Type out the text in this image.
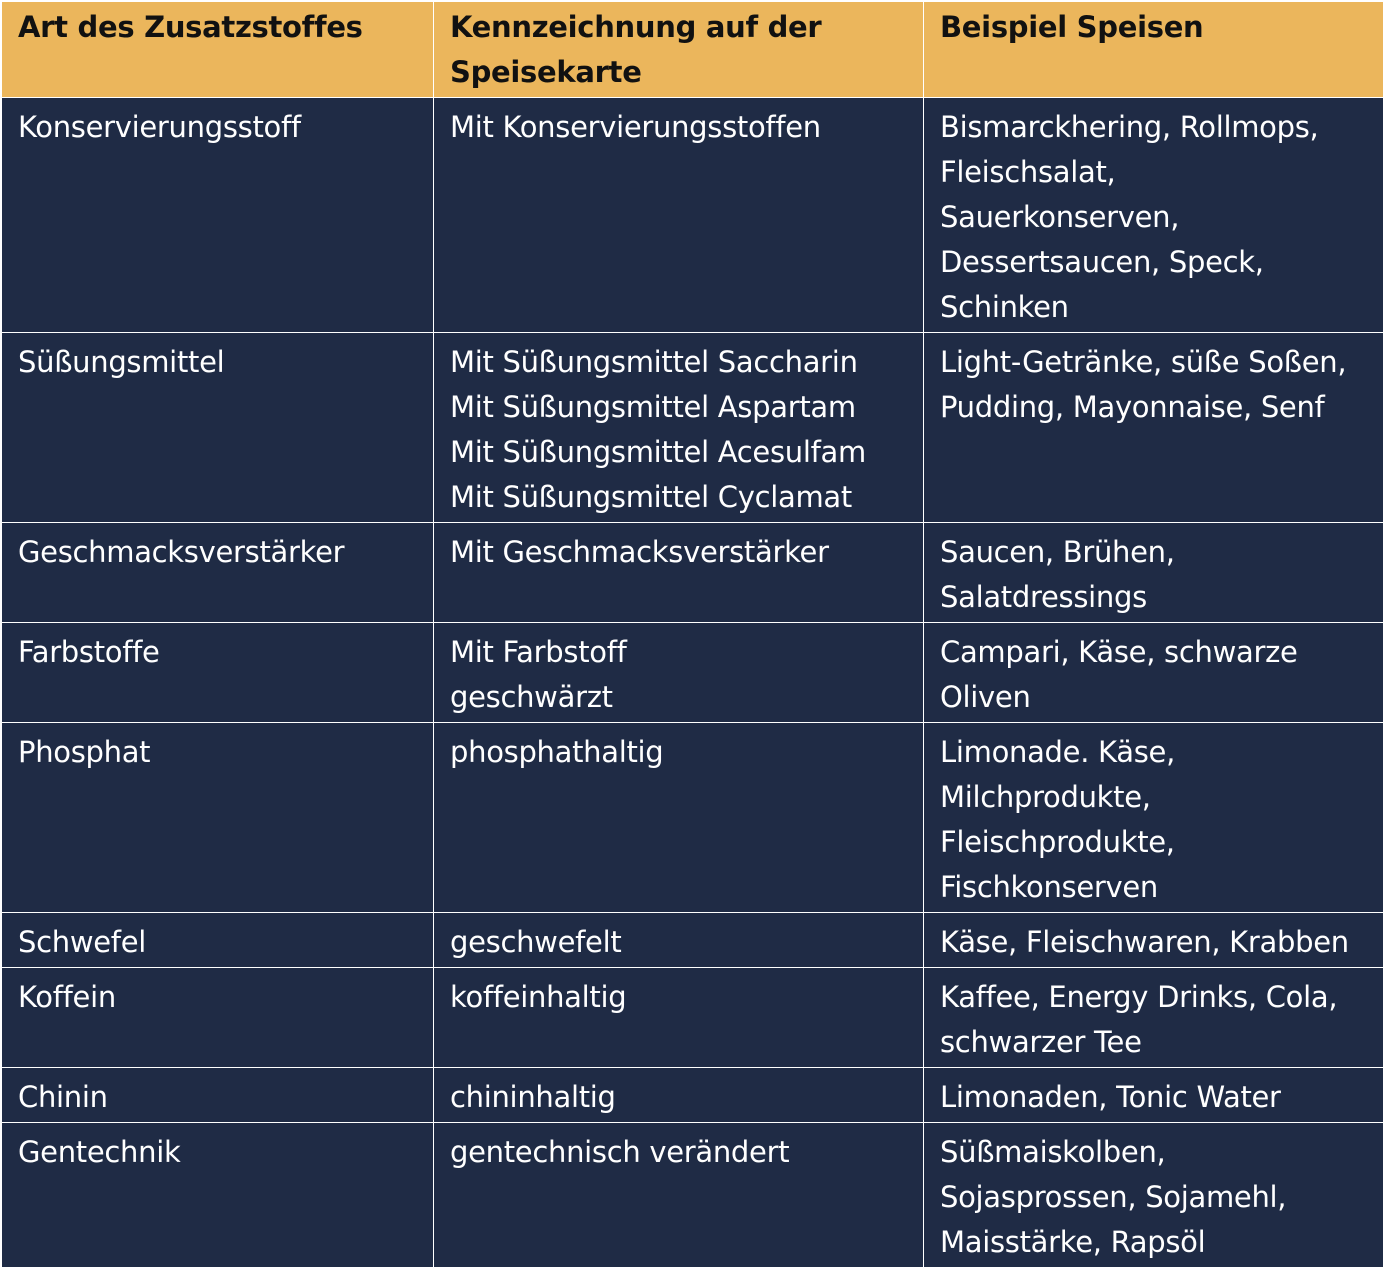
Art des Zusatzstoffes	Kennzeichnung auf der Speisekarte	Beispiel Speisen
Konservierungsstoff	Mit Konservierungsstoffen	Bismarckhering, Rollmops,
Fleischsalat,
Sauerkonserven,
Dessertsaucen, Speck,
Schinken
Süßungsmittel	Mit Süßungsmittel Saccharin
Mit Süßungsmittel Aspartam
Mit Süßungsmittel Acesulfam
Mit Süßungsmittel Cyclamat	Light-Getränke, süße Soßen,
Pudding, Mayonnaise, Senf
Geschmacksverstärker	Mit Geschmacksverstärker	Saucen, Brühen,
Salatdressings
Farbstoffe	Mit Farbstoff
geschwärzt	Campari, Käse, schwarze
Oliven
Phosphat	phosphathaltig	Limonade. Käse,
Milchprodukte,
Fleischprodukte,
Fischkonserven
Schwefel	geschwefelt	Käse, Fleischwaren, Krabben
Koffein	koffeinhaltig	Kaffee, Energy Drinks, Cola,
schwarzer Tee
Chinin	chininhaltig	Limonaden, Tonic Water
Gentechnik	gentechnisch verändert	Süßmaiskolben,
Sojasprossen, Sojamehl,
Maisstärke, Rapsöl
